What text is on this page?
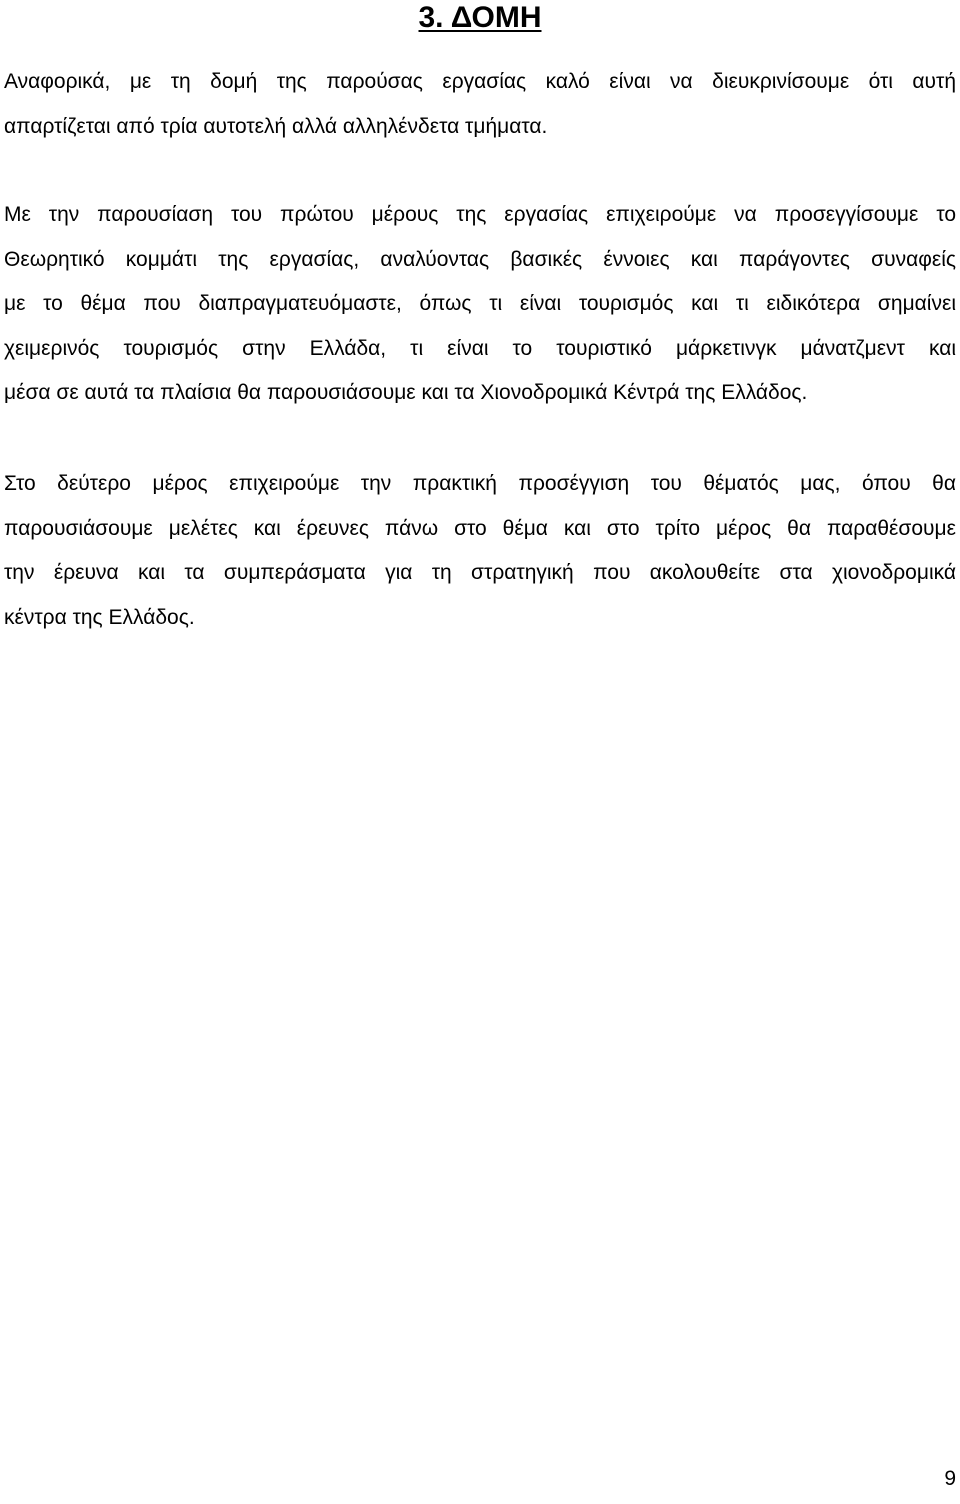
3. ΔΟΜΗ
Αναφορικά, με τη δομή της παρούσας εργασίας καλό είναι να διευκρινίσουμε ότι αυτή
απαρτίζεται από τρία αυτοτελή αλλά αλληλένδετα τμήματα.
Με την παρουσίαση του πρώτου μέρους της εργασίας επιχειρούμε να προσεγγίσουμε το
Θεωρητικό κομμάτι της εργασίας, αναλύοντας βασικές έννοιες και παράγοντες συναφείς
με το θέμα που διαπραγματευόμαστε, όπως τι είναι τουρισμός και τι ειδικότερα σημαίνει
χειμερινός τουρισμός στην Ελλάδα, τι είναι το τουριστικό μάρκετινγκ μάνατζμεντ και
μέσα σε αυτά τα πλαίσια θα παρουσιάσουμε και τα Χιονοδρομικά Κέντρά της Ελλάδος.
Στο δεύτερο μέρος επιχειρούμε την πρακτική προσέγγιση του θέματός μας, όπου θα
παρουσιάσουμε μελέτες και έρευνες πάνω στο θέμα και στο τρίτο μέρος θα παραθέσουμε
την έρευνα και τα συμπεράσματα για τη στρατηγική που ακολουθείτε στα χιονοδρομικά
κέντρα της Ελλάδος.
9
